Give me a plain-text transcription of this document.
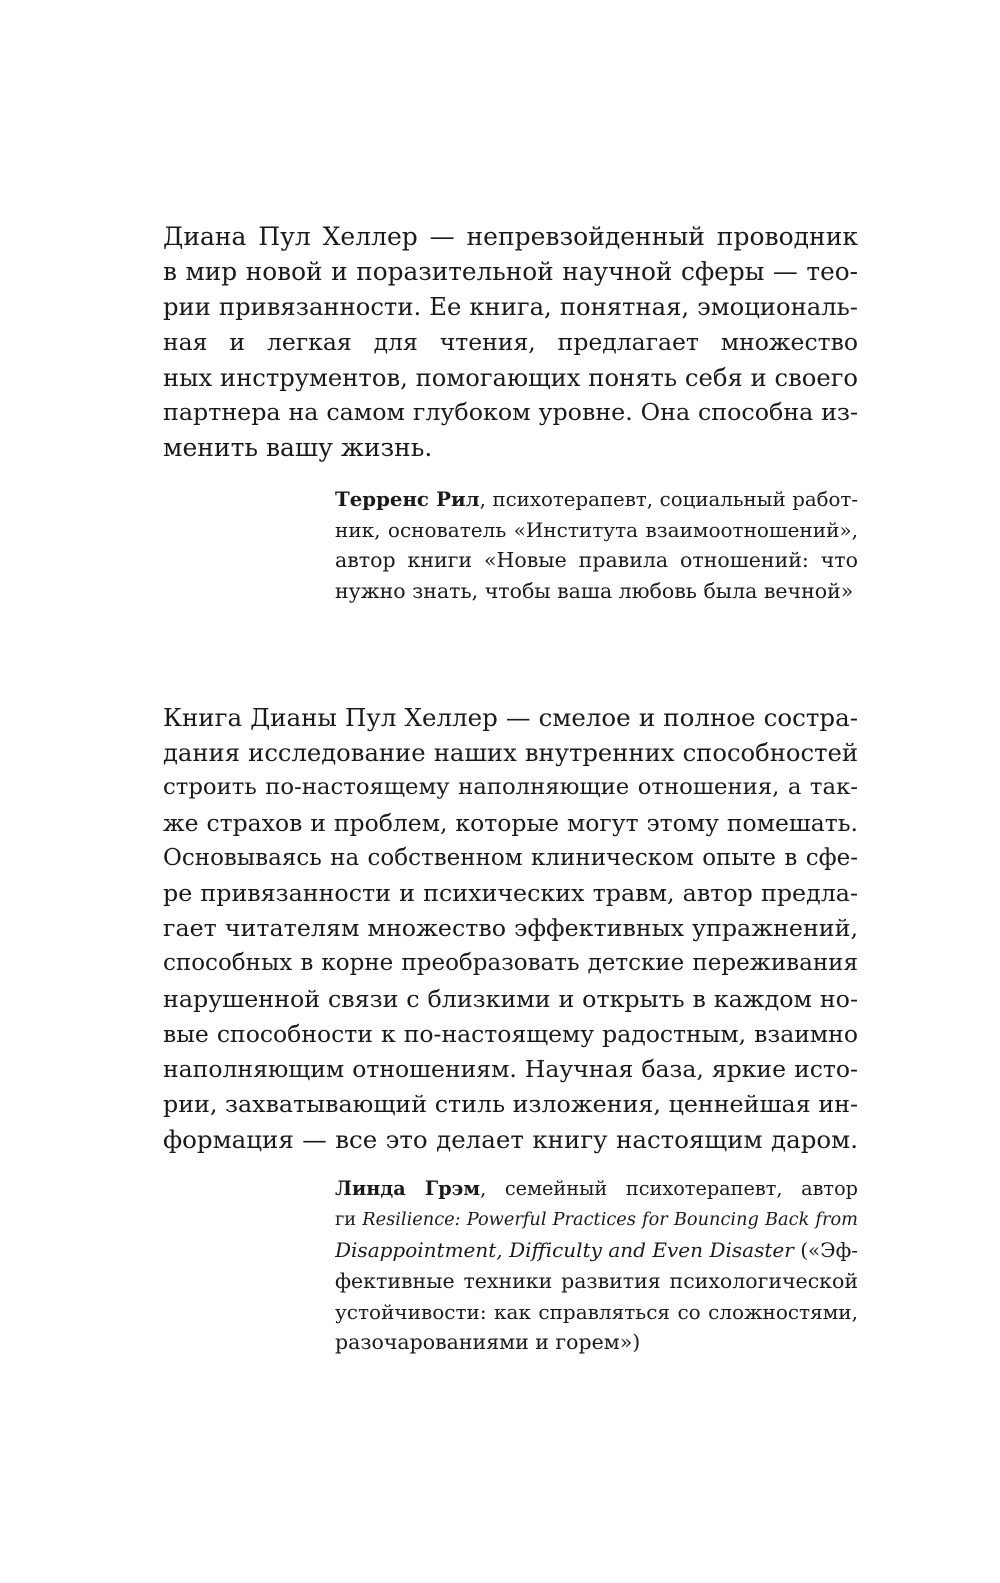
Диана Пул Хеллер — непревзойденный проводник
в мир новой и поразительной научной сферы — тео-
рии привязанности. Ее книга, понятная, эмоциональ-
ная и легкая для чтения, предлагает множество
ных инструментов, помогающих понять себя и своего
партнера на самом глубоком уровне. Она способна из-
менить вашу жизнь.
Терренс Рил, психотерапевт, социальный работ-
ник, основатель «Института взаимоотношений»,
автор книги «Новые правила отношений: что
нужно знать, чтобы ваша любовь была вечной»
Книга Дианы Пул Хеллер — смелое и полное состра-
дания исследование наших внутренних способностей
строить по-настоящему наполняющие отношения, а так-
же страхов и проблем, которые могут этому помешать.
Основываясь на собственном клиническом опыте в сфе-
ре привязанности и психических травм, автор предла-
гает читателям множество эффективных упражнений,
способных в корне преобразовать детские переживания
нарушенной связи с близкими и открыть в каждом но-
вые способности к по-настоящему радостным, взаимно
наполняющим отношениям. Научная база, яркие исто-
рии, захватывающий стиль изложения, ценнейшая ин-
формация — все это делает книгу настоящим даром.
Линда Грэм, семейный психотерапевт, автор
ги Resilience: Powerful Practices for Bouncing Back from
Disappointment, Difficulty and Even Disaster («Эф-
фективные техники развития психологической
устойчивости: как справляться со сложностями,
разочарованиями и горем»)
